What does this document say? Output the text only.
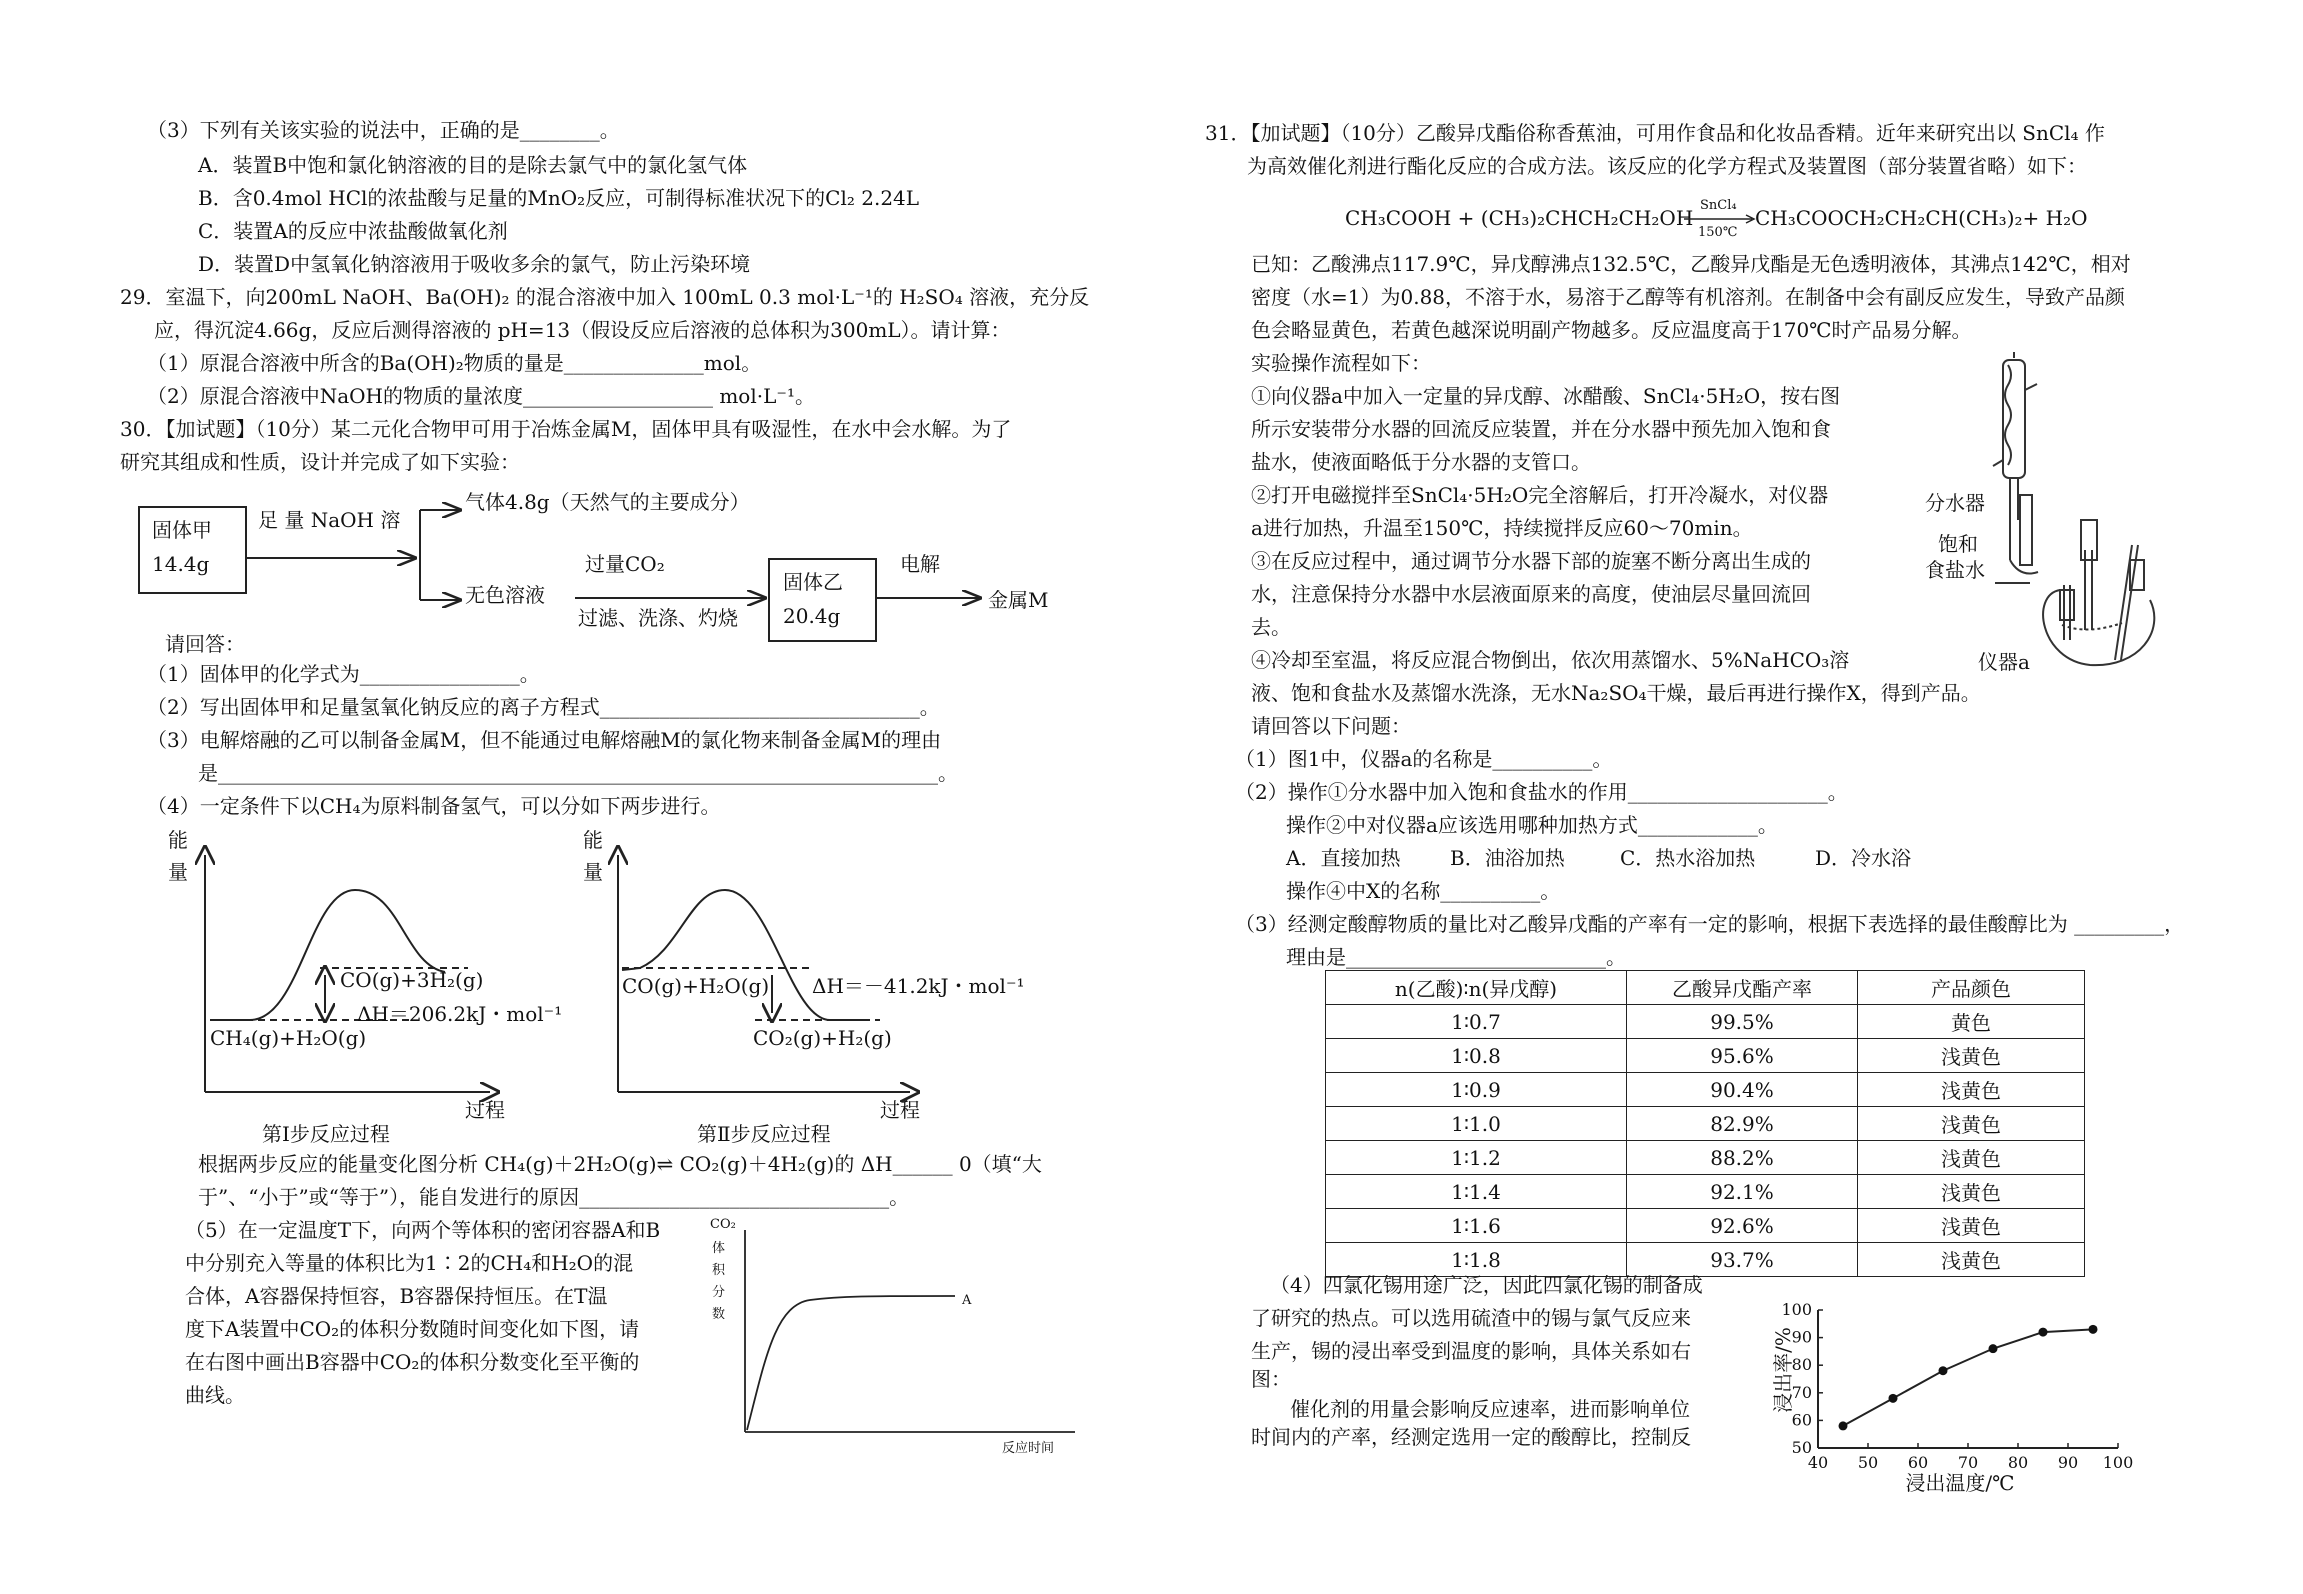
（3）下列有关该实验的说法中，正确的是________。
A．装置B中饱和氯化钠溶液的目的是除去氯气中的氯化氢气体
B．含0.4mol HCl的浓盐酸与足量的MnO₂反应，可制得标准状况下的Cl₂ 2.24L
C．装置A的反应中浓盐酸做氧化剂
D．装置D中氢氧化钠溶液用于吸收多余的氯气，防止污染环境
29．室温下，向200mL NaOH、Ba(OH)₂ 的混合溶液中加入 100mL 0.3 mol·L⁻¹的 H₂SO₄ 溶液，充分反
应，得沉淀4.66g，反应后测得溶液的 pH=13（假设反应后溶液的总体积为300mL）。请计算：
（1）原混合溶液中所含的Ba(OH)₂物质的量是______________mol。
（2）原混合溶液中NaOH的物质的量浓度___________________ mol·L⁻¹。
30．【加试题】（10分）某二元化合物甲可用于冶炼金属M，固体甲具有吸湿性，在水中会水解。为了
研究其组成和性质，设计并完成了如下实验：
固体甲
14.4g
足 量 NaOH 溶
气体4.8g（天然气的主要成分）
无色溶液
过量CO₂
过滤、洗涤、灼烧
固体乙
20.4g
电解
金属M
请回答：
（1）固体甲的化学式为________________。
（2）写出固体甲和足量氢氧化钠反应的离子方程式________________________________。
（3）电解熔融的乙可以制备金属M，但不能通过电解熔融M的氯化物来制备金属M的理由
是________________________________________________________________________。
（4）一定条件下以CH₄为原料制备氢气，可以分如下两步进行。
能
量
CO(g)+3H₂(g)
ΔH＝206.2kJ・mol⁻¹
CH₄(g)+H₂O(g)
过程
第Ⅰ步反应过程
能
量
CO(g)+H₂O(g) ΔH＝－41.2kJ・mol⁻¹
CO₂(g)+H₂(g)
过程
第Ⅱ步反应过程
根据两步反应的能量变化图分析 CH₄(g)＋2H₂O(g)⇌ CO₂(g)＋4H₂(g)的 ΔH______ 0（填“大
于”、“小于”或“等于”），能自发进行的原因_______________________________。
（5）在一定温度T下，向两个等体积的密闭容器A和B
中分别充入等量的体积比为1∶2的CH₄和H₂O的混
合体，A容器保持恒容，B容器保持恒压。在T温
度下A装置中CO₂的体积分数随时间变化如下图，请
在右图中画出B容器中CO₂的体积分数变化至平衡的
曲线。
CO₂
体
积
分
数
A
反应时间
31．【加试题】（10分）乙酸异戊酯俗称香蕉油，可用作食品和化妆品香精。近年来研究出以 SnCl₄ 作
为高效催化剂进行酯化反应的合成方法。该反应的化学方程式及装置图（部分装置省略）如下：
CH₃COOH + (CH₃)₂CHCH₂CH₂OH
SnCl₄
150℃
CH₃COOCH₂CH₂CH(CH₃)₂+ H₂O
已知：乙酸沸点117.9℃，异戊醇沸点132.5℃，乙酸异戊酯是无色透明液体，其沸点142℃，相对
密度（水=1）为0.88，不溶于水，易溶于乙醇等有机溶剂。在制备中会有副反应发生，导致产品颜
色会略显黄色，若黄色越深说明副产物越多。反应温度高于170℃时产品易分解。
实验操作流程如下：
①向仪器a中加入一定量的异戊醇、冰醋酸、SnCl₄·5H₂O，按右图
所示安装带分水器的回流反应装置，并在分水器中预先加入饱和食
盐水，使液面略低于分水器的支管口。
②打开电磁搅拌至SnCl₄·5H₂O完全溶解后，打开冷凝水，对仪器
a进行加热，升温至150℃，持续搅拌反应60～70min。
③在反应过程中，通过调节分水器下部的旋塞不断分离出生成的
水，注意保持分水器中水层液面原来的高度，使油层尽量回流回
去。
④冷却至室温，将反应混合物倒出，依次用蒸馏水、5%NaHCO₃溶
液、饱和食盐水及蒸馏水洗涤，无水Na₂SO₄干燥，最后再进行操作X，得到产品。
分水器
饱和
食盐水
仪器a
请回答以下问题：
（1）图1中，仪器a的名称是__________。
（2）操作①分水器中加入饱和食盐水的作用____________________。
操作②中对仪器a应该选用哪种加热方式____________。
A．直接加热 B．油浴加热	C．热水浴加热	D．冷水浴
操作④中X的名称__________。
（3）经测定酸醇物质的量比对乙酸异戊酯的产率有一定的影响，根据下表选择的最佳酸醇比为 _________，
理由是__________________________。
n(乙酸)∶n(异戊醇)	乙酸异戊酯产率	产品颜色
1∶0.7	99.5%	黄色
1∶0.8	95.6%	浅黄色
1∶0.9	90.4%	浅黄色
1∶1.0	82.9%	浅黄色
1∶1.2	88.2%	浅黄色
1∶1.4	92.1%	浅黄色
1∶1.6	92.6%	浅黄色
1∶1.8	93.7%	浅黄色
（4）四氯化锡用途广泛，因此四氯化锡的制备成
了研究的热点。可以选用硫渣中的锡与氯气反应来
生产，锡的浸出率受到温度的影响，具体关系如右
图：
催化剂的用量会影响反应速率，进而影响单位
时间内的产率，经测定选用一定的酸醇比，控制反
40 50 60 70 80 90 100
50
60
70
80
90
100
浸出温度/℃
浸出率/%
